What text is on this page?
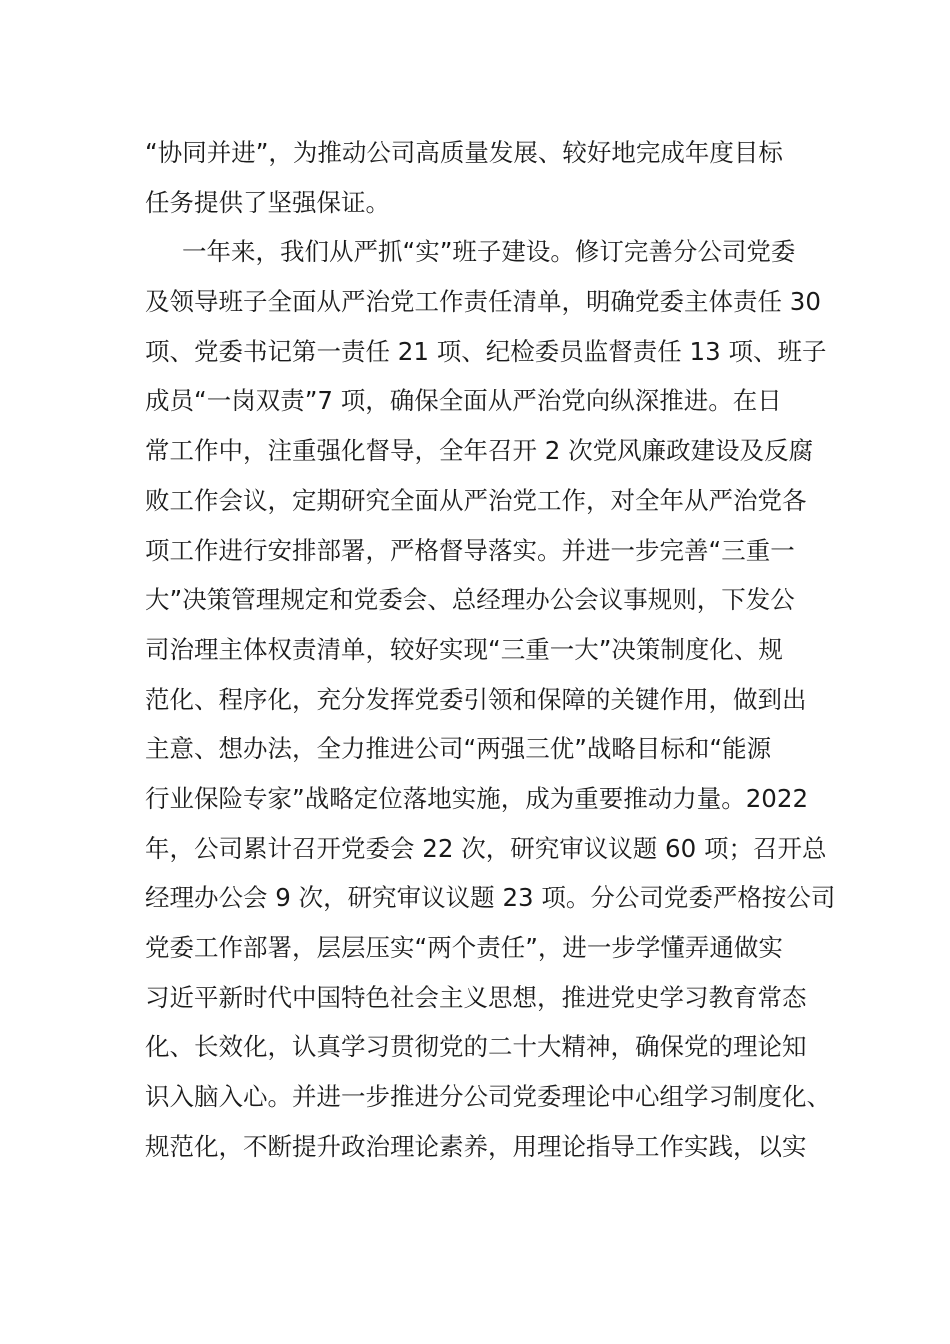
“协同并进”，为推动公司高质量发展、较好地完成年度目标
任务提供了坚强保证。
一年来，我们从严抓“实”班子建设。修订完善分公司党委
及领导班子全面从严治党工作责任清单，明确党委主体责任 30
项、党委书记第一责任 21 项、纪检委员监督责任 13 项、班子
成员“一岗双责”7 项，确保全面从严治党向纵深推进。在日
常工作中，注重强化督导，全年召开 2 次党风廉政建设及反腐
败工作会议，定期研究全面从严治党工作，对全年从严治党各
项工作进行安排部署，严格督导落实。并进一步完善“三重一
大”决策管理规定和党委会、总经理办公会议事规则，下发公
司治理主体权责清单，较好实现“三重一大”决策制度化、规
范化、程序化，充分发挥党委引领和保障的关键作用，做到出
主意、想办法，全力推进公司“两强三优”战略目标和“能源
行业保险专家”战略定位落地实施，成为重要推动力量。2022
年，公司累计召开党委会 22 次，研究审议议题 60 项；召开总
经理办公会 9 次，研究审议议题 23 项。分公司党委严格按公司
党委工作部署，层层压实“两个责任”，进一步学懂弄通做实
习近平新时代中国特色社会主义思想，推进党史学习教育常态
化、长效化，认真学习贯彻党的二十大精神，确保党的理论知
识入脑入心。并进一步推进分公司党委理论中心组学习制度化、
规范化，不断提升政治理论素养，用理论指导工作实践，以实
